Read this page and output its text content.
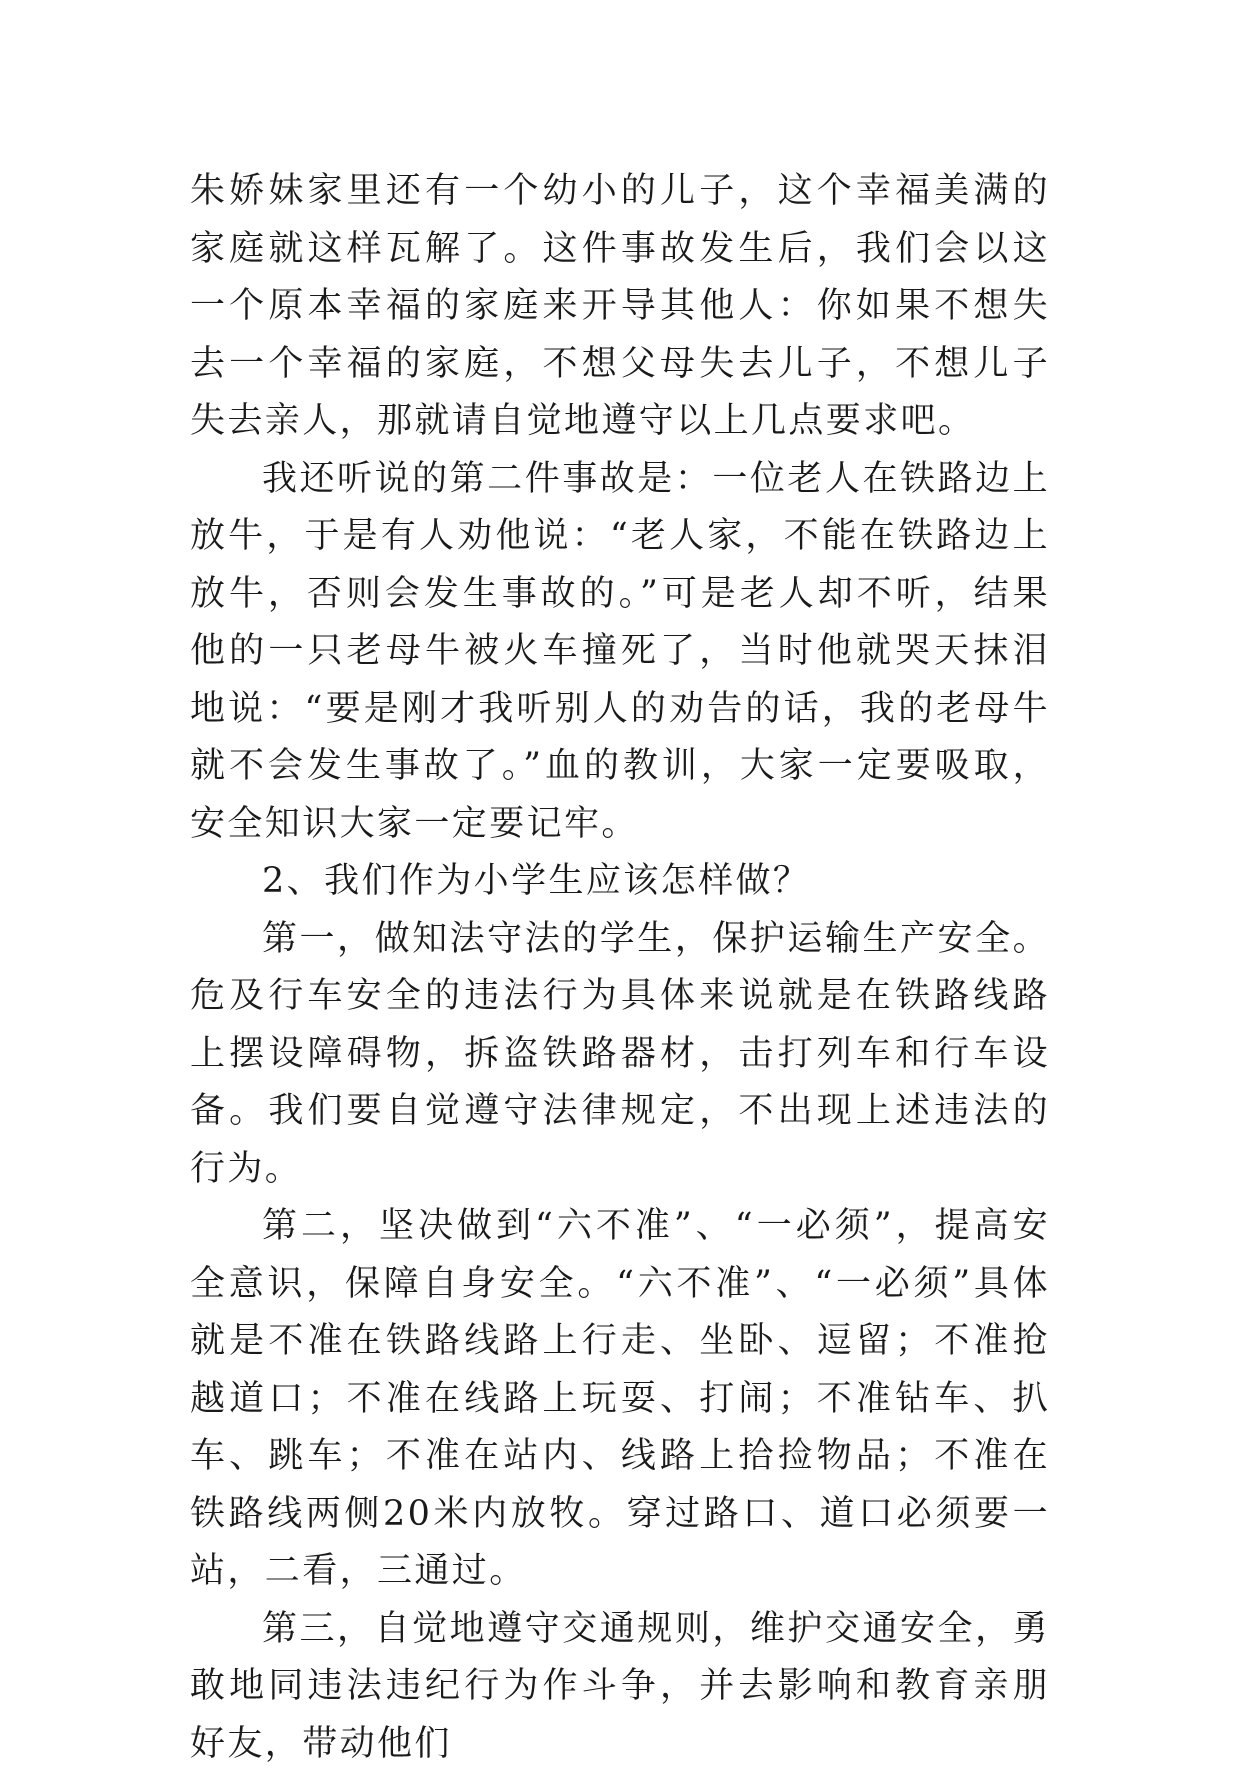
朱娇妹家里还有一个幼小的儿子，这个幸福美满的家庭就这样瓦解了。这件事故发生后，我们会以这一个原本幸福的家庭来开导其他人：你如果不想失去一个幸福的家庭，不想父母失去儿子，不想儿子失去亲人，那就请自觉地遵守以上几点要求吧。

我还听说的第二件事故是：一位老人在铁路边上放牛，于是有人劝他说：“老人家，不能在铁路边上放牛，否则会发生事故的。”可是老人却不听，结果他的一只老母牛被火车撞死了，当时他就哭天抹泪地说：“要是刚才我听别人的劝告的话，我的老母牛就不会发生事故了。”血的教训，大家一定要吸取，安全知识大家一定要记牢。

2、我们作为小学生应该怎样做？

第一，做知法守法的学生，保护运输生产安全。危及行车安全的违法行为具体来说就是在铁路线路上摆设障碍物，拆盗铁路器材，击打列车和行车设备。我们要自觉遵守法律规定，不出现上述违法的行为。

第二，坚决做到“六不准”、“一必须”，提高安全意识，保障自身安全。“六不准”、“一必须”具体就是不准在铁路线路上行走、坐卧、逗留；不准抢越道口；不准在线路上玩耍、打闹；不准钻车、扒车、跳车；不准在站内、线路上拾捡物品；不准在铁路线两侧20米内放牧。穿过路口、道口必须要一站，二看，三通过。

第三，自觉地遵守交通规则，维护交通安全，勇敢地同违法违纪行为作斗争，并去影响和教育亲朋好友，带动他们
